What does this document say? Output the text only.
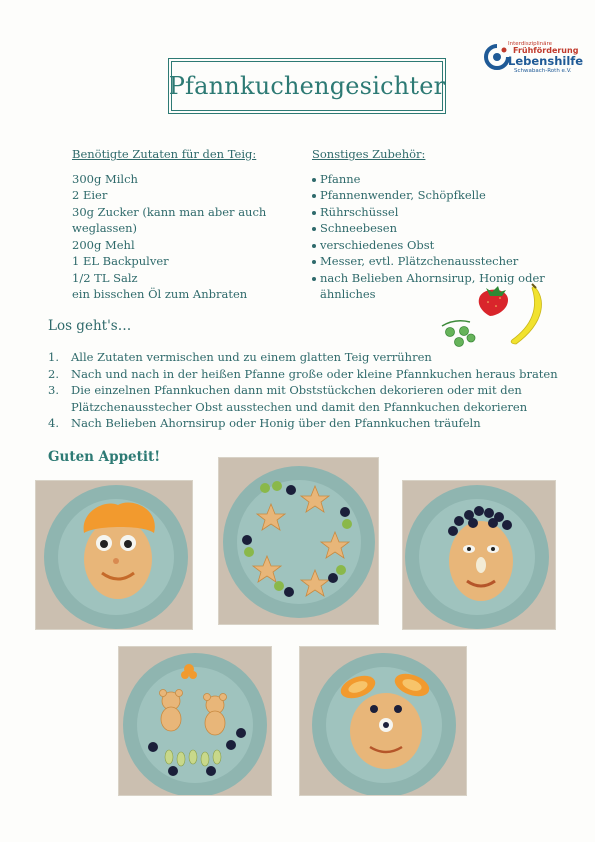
Pfannkuchengesichter
Interdisziplinäre
Frühförderung
Lebenshilfe
Schwabach-Roth e.V.
Benötigte Zutaten für den Teig:
300g Milch
2 Eier
30g Zucker (kann man aber auch
weglassen)
200g Mehl
1 EL Backpulver
1/2 TL Salz
ein bisschen Öl zum Anbraten
Sonstiges Zubehör:
Pfanne
Pfannenwender, Schöpfkelle
Rührschüssel
Schneebesen
verschiedenes Obst
Messer, evtl. Plätzchenausstecher
nach Belieben Ahornsirup, Honig oder
ähnliches
Los geht's…
1.	Alle Zutaten vermischen und zu einem glatten Teig verrühren
2.	Nach und nach in der heißen Pfanne große oder kleine Pfannkuchen heraus braten
3.	Die einzelnen Pfannkuchen dann mit Obststückchen dekorieren oder mit den
Plätzchenausstecher Obst ausstechen und damit den Pfannkuchen dekorieren
4.	Nach Belieben Ahornsirup oder Honig über den Pfannkuchen träufeln
Guten Appetit!
